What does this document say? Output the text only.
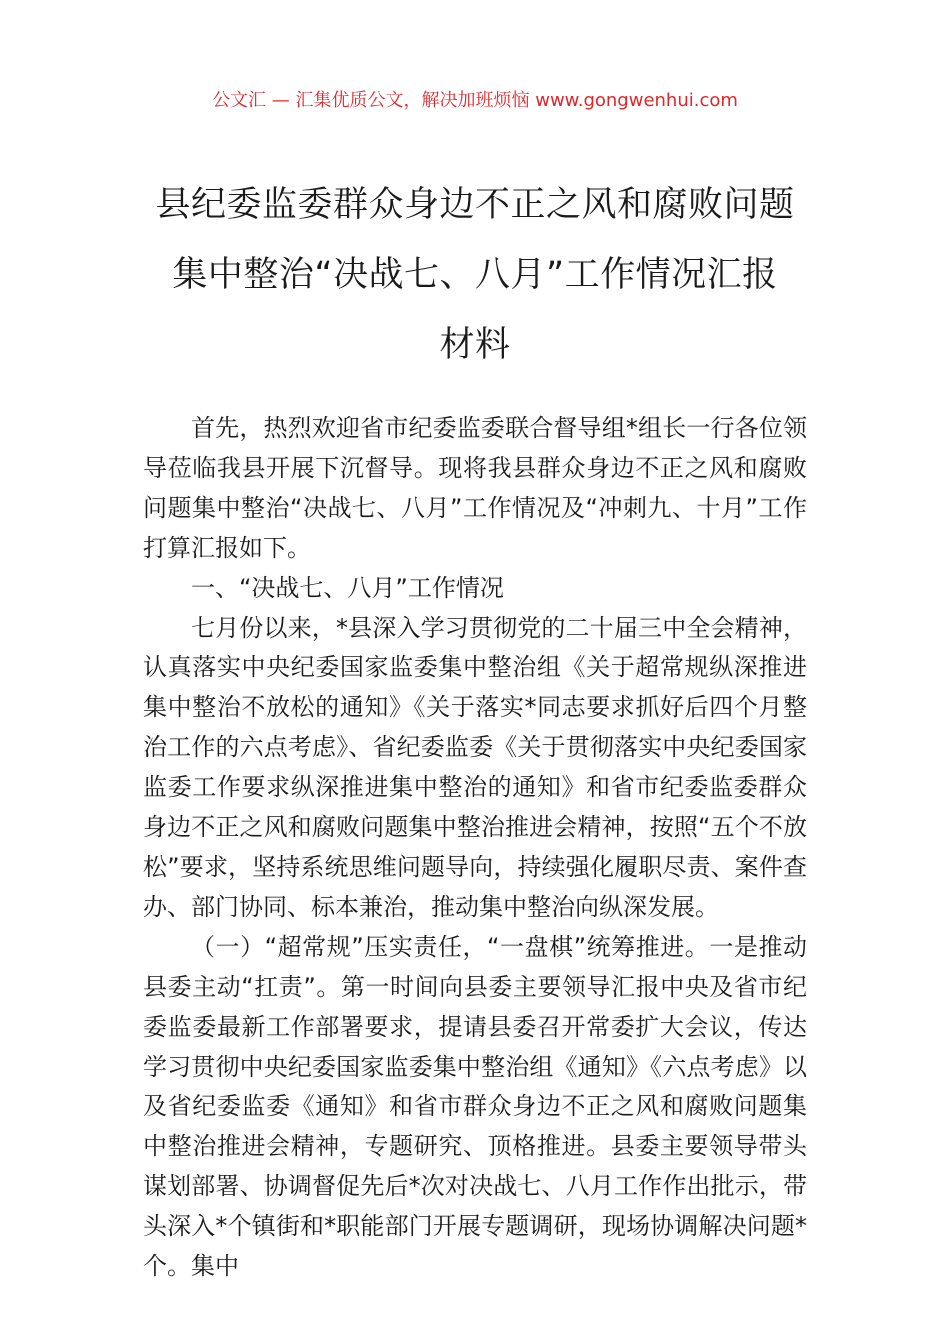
公文汇 — 汇集优质公文，解决加班烦恼 www.gongwenhui.com
县纪委监委群众身边不正之风和腐败问题
集中整治“决战七、八月”工作情况汇报
材料

首先，热烈欢迎省市纪委监委联合督导组*组长一行各位领导莅临我县开展下沉督导。现将我县群众身边不正之风和腐败问题集中整治“决战七、八月”工作情况及“冲刺九、十月”工作打算汇报如下。

一、“决战七、八月”工作情况

七月份以来，*县深入学习贯彻党的二十届三中全会精神，认真落实中央纪委国家监委集中整治组《关于超常规纵深推进集中整治不放松的通知》《关于落实*同志要求抓好后四个月整治工作的六点考虑》、省纪委监委《关于贯彻落实中央纪委国家监委工作要求纵深推进集中整治的通知》和省市纪委监委群众身边不正之风和腐败问题集中整治推进会精神，按照“五个不放松”要求，坚持系统思维问题导向，持续强化履职尽责、案件查办、部门协同、标本兼治，推动集中整治向纵深发展。

（一）“超常规”压实责任，“一盘棋”统筹推进。一是推动县委主动“扛责”。第一时间向县委主要领导汇报中央及省市纪委监委最新工作部署要求，提请县委召开常委扩大会议，传达学习贯彻中央纪委国家监委集中整治组《通知》《六点考虑》以及省纪委监委《通知》和省市群众身边不正之风和腐败问题集中整治推进会精神，专题研究、顶格推进。县委主要领导带头谋划部署、协调督促先后*次对决战七、八月工作作出批示，带头深入*个镇街和*职能部门开展专题调研，现场协调解决问题*个。集中
